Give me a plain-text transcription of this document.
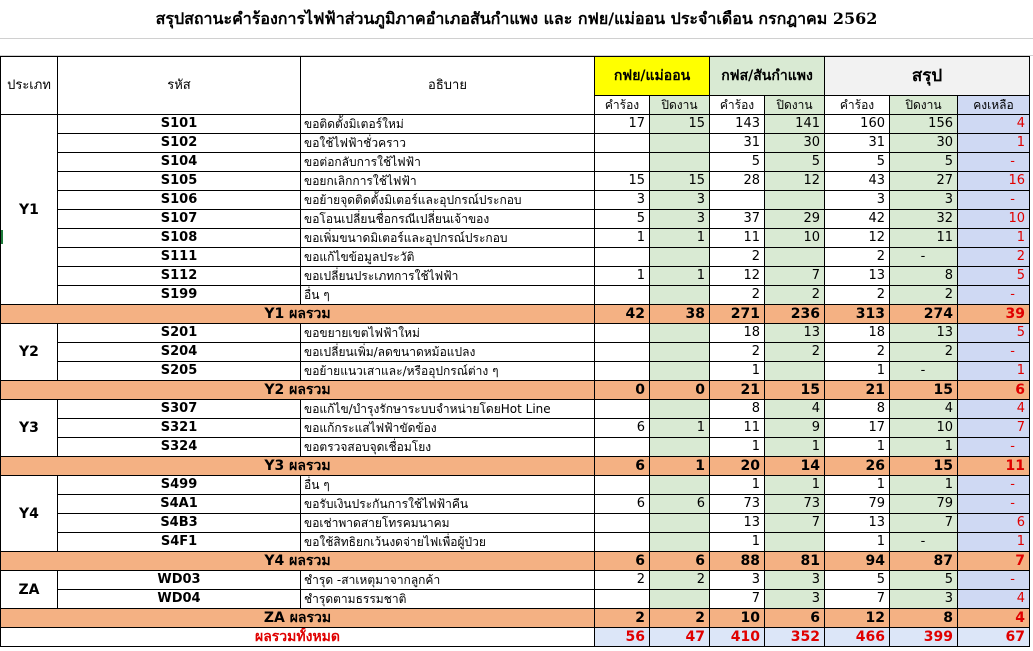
สรุปสถานะคำร้องการไฟฟ้าส่วนภูมิภาคอำเภอสันกำแพง และ กฟย/แม่ออน ประจำเดือน กรกฎาคม 2562
ประเภท	รหัส	อธิบาย	กฟย/แม่ออน		กฟส/สันกำแพง		สรุป		
			คำร้อง	ปิดงาน	คำร้อง	ปิดงาน	คำร้อง	ปิดงาน	คงเหลือ
Y1	S101	ขอติดตั้งมิเตอร์ใหม่	17	15	143	141	160	156	4
	S102	ขอใช้ไฟฟ้าชั่วคราว			31	30	31	30	1
	S104	ขอต่อกลับการใช้ไฟฟ้า			5	5	5	5	-
	S105	ขอยกเลิกการใช้ไฟฟ้า	15	15	28	12	43	27	16
	S106	ขอย้ายจุดติดตั้งมิเตอร์และอุปกรณ์ประกอบ	3	3			3	3	-
	S107	ขอโอนเปลี่ยนชื่อกรณีเปลี่ยนเจ้าของ	5	3	37	29	42	32	10
	S108	ขอเพิ่มขนาดมิเตอร์และอุปกรณ์ประกอบ	1	1	11	10	12	11	1
	S111	ขอแก้ไขข้อมูลประวัติ			2		2	-	2
	S112	ขอเปลี่ยนประเภทการใช้ไฟฟ้า	1	1	12	7	13	8	5
	S199	อื่น ๆ			2	2	2	2	-
Y1 ผลรวม			42	38	271	236	313	274	39
Y2	S201	ขอขยายเขตไฟฟ้าใหม่			18	13	18	13	5
	S204	ขอเปลี่ยนเพิ่ม/ลดขนาดหม้อแปลง			2	2	2	2	-
	S205	ขอย้ายแนวเสาและ/หรืออุปกรณ์ต่าง ๆ			1		1	-	1
Y2 ผลรวม			0	0	21	15	21	15	6
Y3	S307	ขอแก้ไข/บำรุงรักษาระบบจำหน่ายโดยHot Line			8	4	8	4	4
	S321	ขอแก้กระแสไฟฟ้าขัดข้อง	6	1	11	9	17	10	7
	S324	ขอตรวจสอบจุดเชื่อมโยง			1	1	1	1	-
Y3 ผลรวม			6	1	20	14	26	15	11
Y4	S499	อื่น ๆ			1	1	1	1	-
	S4A1	ขอรับเงินประกันการใช้ไฟฟ้าคืน	6	6	73	73	79	79	-
	S4B3	ขอเช่าพาดสายโทรคมนาคม			13	7	13	7	6
	S4F1	ขอใช้สิทธิยกเว้นงดจ่ายไฟเพื่อผู้ป่วย			1		1	-	1
Y4 ผลรวม			6	6	88	81	94	87	7
ZA	WD03	ชำรุด -สาเหตุมาจากลูกค้า	2	2	3	3	5	5	-
	WD04	ชำรุดตามธรรมชาติ			7	3	7	3	4
ZA ผลรวม			2	2	10	6	12	8	4
ผลรวมทั้งหมด			56	47	410	352	466	399	67
